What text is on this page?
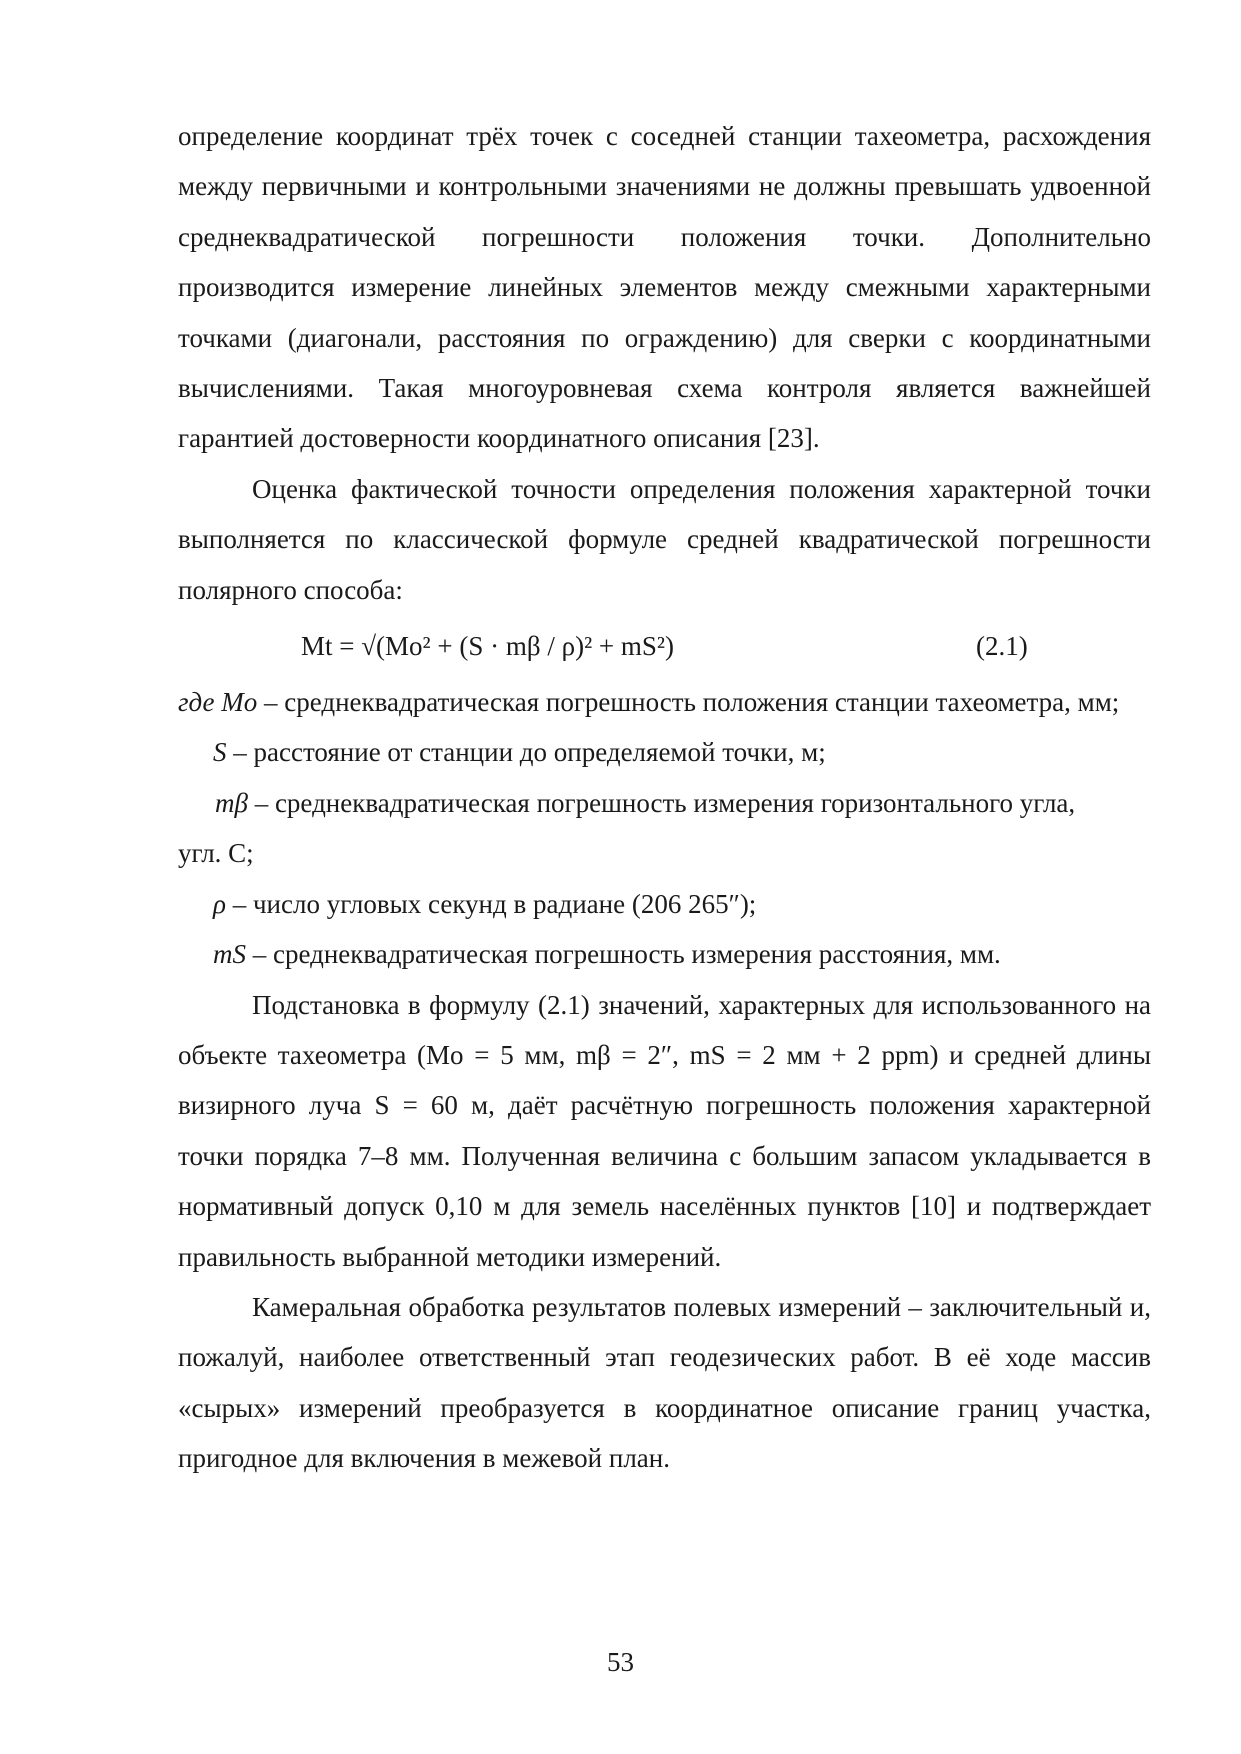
определение координат трёх точек с соседней станции тахеометра, расхождения между первичными и контрольными значениями не должны превышать удвоенной среднеквадратической погрешности положения точки. Дополнительно производится измерение линейных элементов между смежными характерными точками (диагонали, расстояния по ограждению) для сверки с координатными вычислениями. Такая многоуровневая схема контроля является важнейшей гарантией достоверности координатного описания [23].

Оценка фактической точности определения положения характерной точки выполняется по классической формуле средней квадратической погрешности полярного способа:

Mt = √(Mo² + (S · mβ / ρ)² + mS²)	(2.1)

где Mo – среднеквадратическая погрешность положения станции тахеометра, мм;

S – расстояние от станции до определяемой точки, м;

mβ – среднеквадратическая погрешность измерения горизонтального угла,

угл. С;

ρ – число угловых секунд в радиане (206 265″);

mS – среднеквадратическая погрешность измерения расстояния, мм.

Подстановка в формулу (2.1) значений, характерных для использованного на объекте тахеометра (Mo = 5 мм, mβ = 2″, mS = 2 мм + 2 ppm) и средней длины визирного луча S = 60 м, даёт расчётную погрешность положения характерной точки порядка 7–8 мм. Полученная величина с большим запасом укладывается в нормативный допуск 0,10 м для земель населённых пунктов [10] и подтверждает правильность выбранной методики измерений.

Камеральная обработка результатов полевых измерений – заключительный и, пожалуй, наиболее ответственный этап геодезических работ. В её ходе массив «сырых» измерений преобразуется в координатное описание границ участка, пригодное для включения в межевой план.

53
